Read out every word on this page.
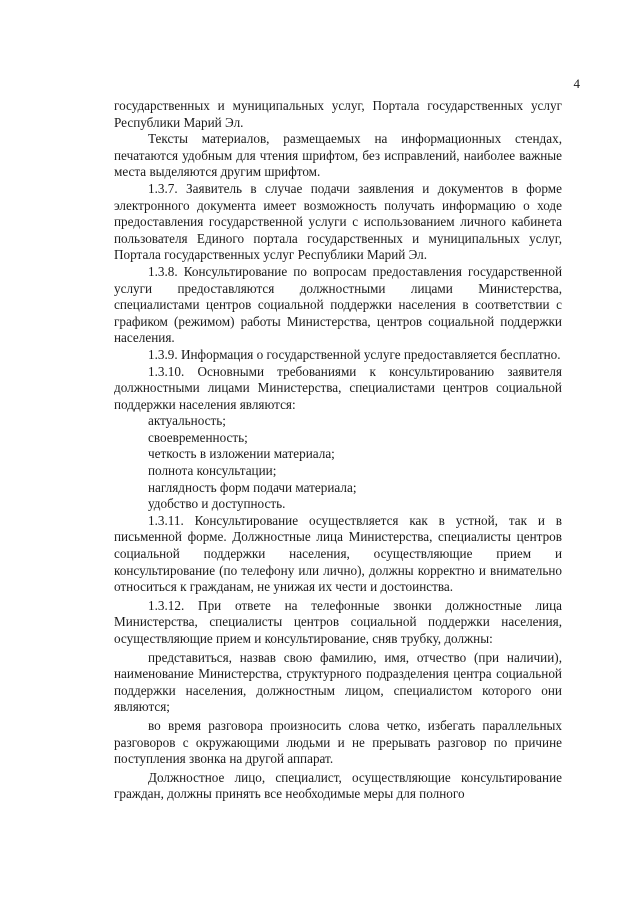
4

государственных и муниципальных услуг, Портала государственных услуг Республики Марий Эл.

Тексты материалов, размещаемых на информационных стендах, печатаются удобным для чтения шрифтом, без исправлений, наиболее важные места выделяются другим шрифтом.

1.3.7. Заявитель в случае подачи заявления и документов в форме электронного документа имеет возможность получать информацию о ходе предоставления государственной услуги с использованием личного кабинета пользователя Единого портала государственных и муниципальных услуг, Портала государственных услуг Республики Марий Эл.

1.3.8. Консультирование по вопросам предоставления государственной услуги предоставляются должностными лицами Министерства, специалистами центров социальной поддержки населения в соответствии с графиком (режимом) работы Министерства, центров социальной поддержки населения.

1.3.9. Информация о государственной услуге предоставляется бесплатно.

1.3.10. Основными требованиями к консультированию заявителя должностными лицами Министерства, специалистами центров социальной поддержки населения являются:

актуальность;

своевременность;

четкость в изложении материала;

полнота консультации;

наглядность форм подачи материала;

удобство и доступность.

1.3.11. Консультирование осуществляется как в устной, так и в письменной форме. Должностные лица Министерства, специалисты центров социальной поддержки населения, осуществляющие прием и консультирование (по телефону или лично), должны корректно и внимательно относиться к гражданам, не унижая их чести и достоинства.

1.3.12. При ответе на телефонные звонки должностные лица Министерства, специалисты центров социальной поддержки населения, осуществляющие прием и консультирование, сняв трубку, должны:

представиться, назвав свою фамилию, имя, отчество (при наличии), наименование Министерства, структурного подразделения центра социальной поддержки населения, должностным лицом, специалистом которого они являются;

во время разговора произносить слова четко, избегать параллельных разговоров с окружающими людьми и не прерывать разговор по причине поступления звонка на другой аппарат.

Должностное лицо, специалист, осуществляющие консультирование граждан, должны принять все необходимые меры для полного
